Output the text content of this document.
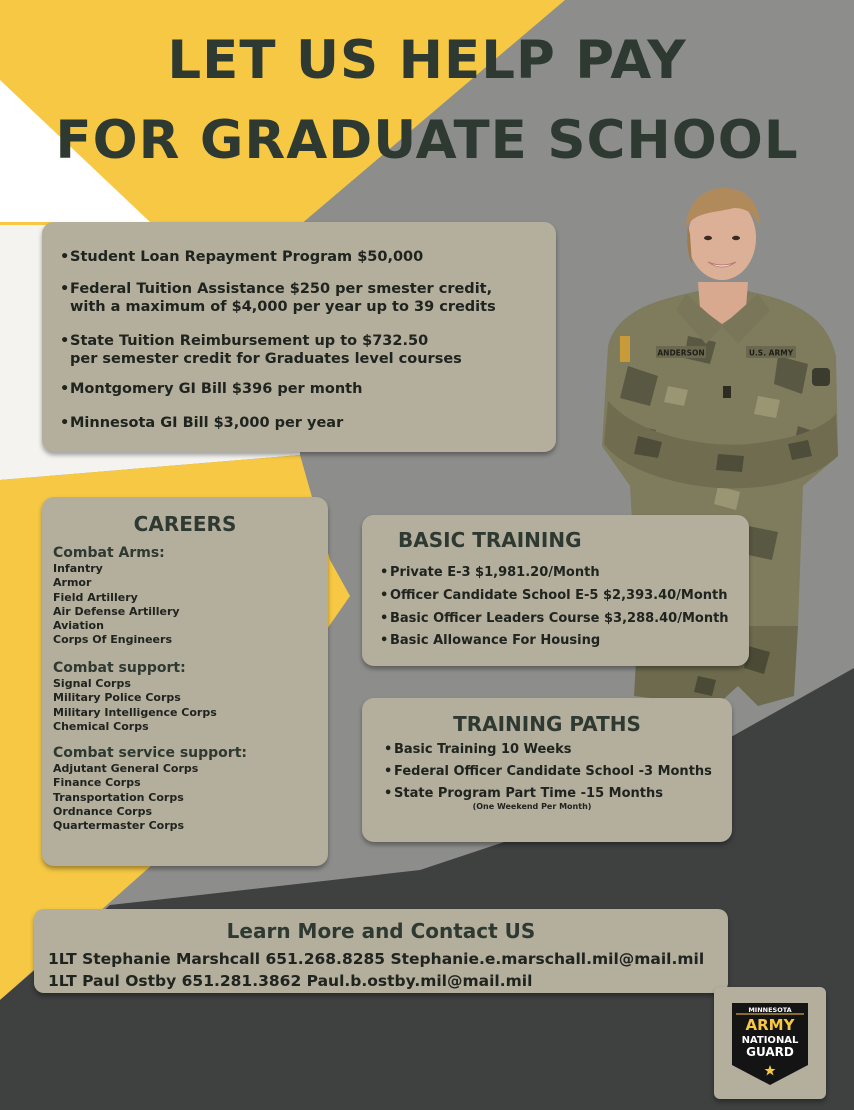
LET US HELP PAY
FOR GRADUATE SCHOOL
ANDERSON	U.S. ARMY
• Student Loan Repayment Program $50,000
• Federal Tuition Assistance $250 per smester credit,
with a maximum of $4,000 per year up to 39 credits
• State Tuition Reimbursement up to $732.50
per semester credit for Graduates level courses
• Montgomery GI Bill $396 per month
• Minnesota GI Bill $3,000 per year
CAREERS
Combat Arms:
Infantry
Armor
Field Artillery
Air Defense Artillery
Aviation
Corps Of Engineers
Combat support:
Signal Corps
Military Police Corps
Military Intelligence Corps
Chemical Corps
Combat service support:
Adjutant General Corps
Finance Corps
Transportation Corps
Ordnance Corps
Quartermaster Corps
BASIC TRAINING
• Private E-3 $1,981.20/Month
• Officer Candidate School E-5 $2,393.40/Month
• Basic Officer Leaders Course $3,288.40/Month
• Basic Allowance For Housing
TRAINING PATHS
• Basic Training 10 Weeks
• Federal Officer Candidate School -3 Months
• State Program Part Time -15 Months
(One Weekend Per Month)
Learn More and Contact US
1LT Stephanie Marshcall 651.268.8285 Stephanie.e.marschall.mil@mail.mil
1LT Paul Ostby 651.281.3862 Paul.b.ostby.mil@mail.mil
MINNESOTA
ARMY
NATIONAL
GUARD
